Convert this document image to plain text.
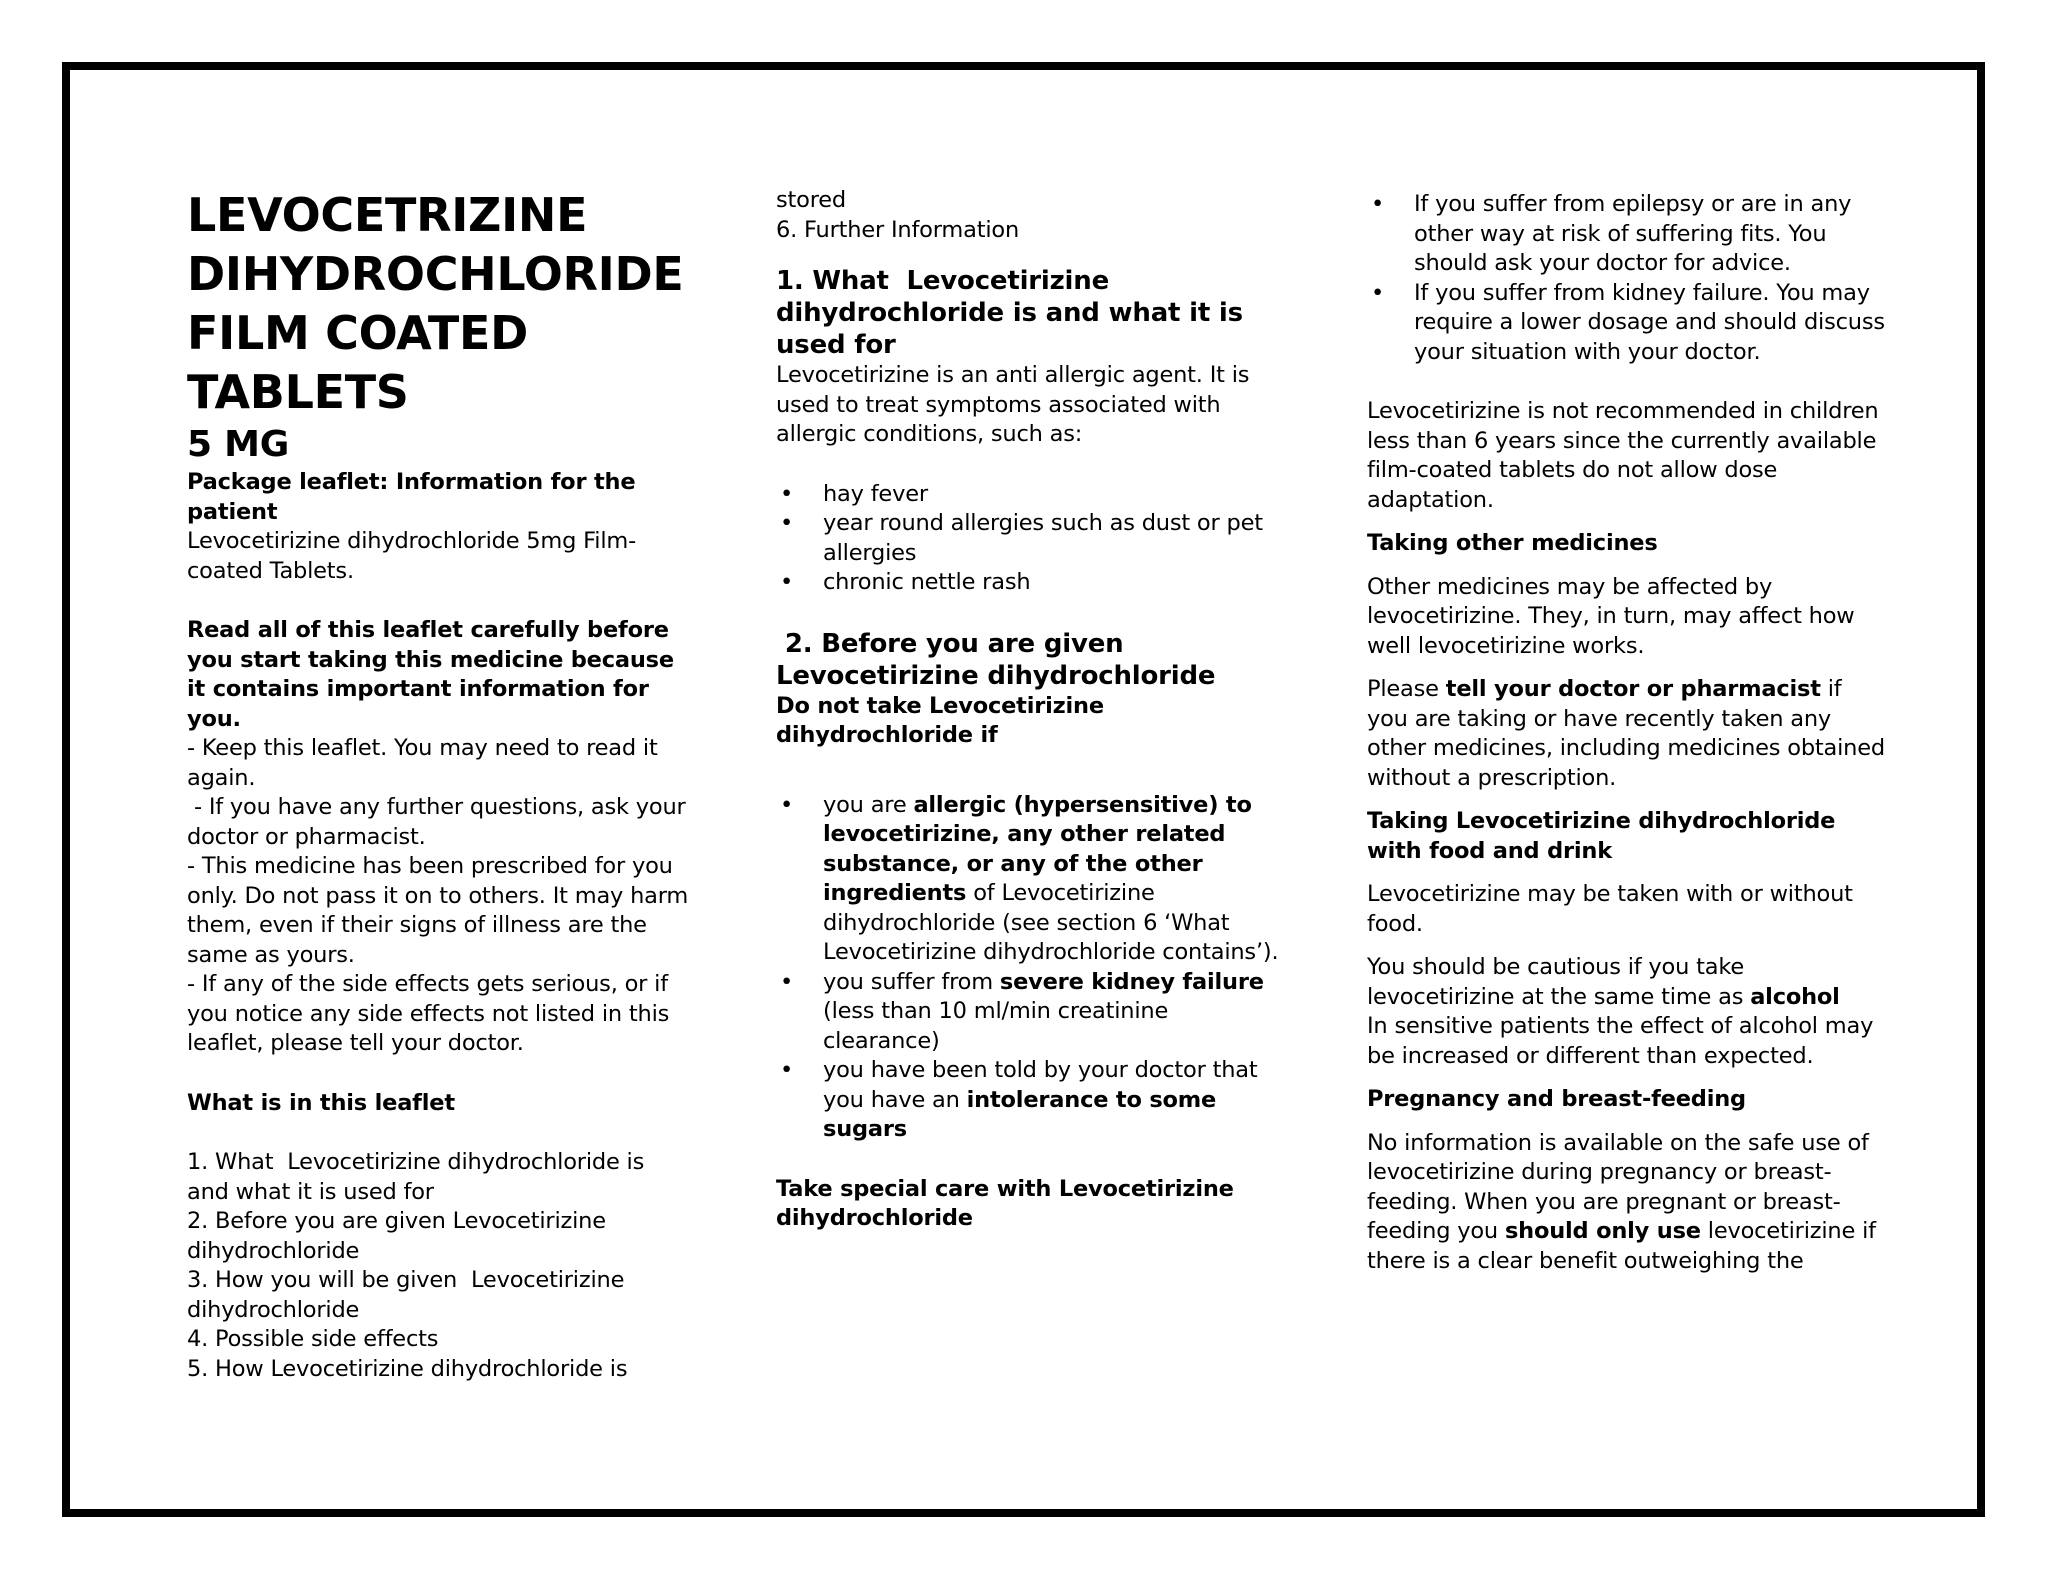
LEVOCETRIZINE

DIHYDROCHLORIDE

FILM COATED

TABLETS

5 MG

Package leaflet: Information for the patient

Levocetirizine dihydrochloride 5mg Film-coated Tablets.

Read all of this leaflet carefully before you start taking this medicine because it contains important information for you.

- Keep this leaflet. You may need to read it again.

- If you have any further questions, ask your doctor or pharmacist.

- This medicine has been prescribed for you only. Do not pass it on to others. It may harm them, even if their signs of illness are the same as yours.

- If any of the side effects gets serious, or if you notice any side effects not listed in this leaflet, please tell your doctor.

What is in this leaflet

1. What  Levocetirizine dihydrochloride is and what it is used for

2. Before you are given Levocetirizine dihydrochloride

3. How you will be given  Levocetirizine dihydrochloride

4. Possible side effects

5. How Levocetirizine dihydrochloride is

stored

6. Further Information

1. What  Levocetirizine dihydrochloride is and what it is used for

Levocetirizine is an anti allergic agent. It is used to treat symptoms associated with allergic conditions, such as:

• hay fever
• year round allergies such as dust or pet allergies
• chronic nettle rash

2. Before you are given Levocetirizine dihydrochloride

Do not take Levocetirizine dihydrochloride if

• you are allergic (hypersensitive) to levocetirizine, any other related substance, or any of the other ingredients of Levocetirizine dihydrochloride (see section 6 ‘What Levocetirizine dihydrochloride contains’).
• you suffer from severe kidney failure (less than 10 ml/min creatinine clearance)
• you have been told by your doctor that you have an intolerance to some sugars

Take special care with Levocetirizine dihydrochloride

• If you suffer from epilepsy or are in any other way at risk of suffering fits. You should ask your doctor for advice.
• If you suffer from kidney failure. You may require a lower dosage and should discuss your situation with your doctor.

Levocetirizine is not recommended in children less than 6 years since the currently available film-coated tablets do not allow dose adaptation.

Taking other medicines

Other medicines may be affected by levocetirizine. They, in turn, may affect how well levocetirizine works.

Please tell your doctor or pharmacist if you are taking or have recently taken any other medicines, including medicines obtained without a prescription.

Taking Levocetirizine dihydrochloride with food and drink

Levocetirizine may be taken with or without food.

You should be cautious if you take levocetirizine at the same time as alcohol
In sensitive patients the effect of alcohol may be increased or different than expected.

Pregnancy and breast-feeding

No information is available on the safe use of levocetirizine during pregnancy or breast-feeding. When you are pregnant or breast-feeding you should only use levocetirizine if there is a clear benefit outweighing the
